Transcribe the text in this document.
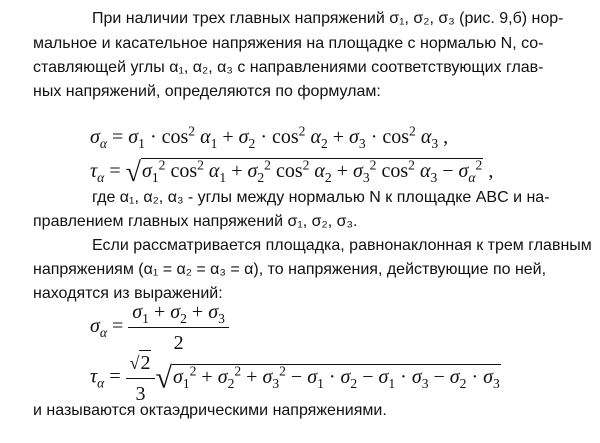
При наличии трех главных напряжений σ₁, σ₂, σ₃ (рис. 9,б) нор-
мальное и касательное напряжения на площадке с нормалью N, со-
ставляющей углы α₁, α₂, α₃ с направлениями соответствующих глав-
ных напряжений, определяются по формулам:
$\sigma_\alpha = \sigma_1 \cdot \cos^2 \alpha_1 + \sigma_2 \cdot \cos^2 \alpha_2 + \sigma_3 \cdot \cos^2 \alpha_3$ ,
$\tau_\alpha = √\sigma_1^2$ $\cos^2 \alpha_1 + \sigma_2^2$ $\cos^2 \alpha_2 + \sigma_3^2$ $\cos^2 \alpha_3 - \sigma_\alpha^2$ ,
где α₁, α₂, α₃ - углы между нормалью N к площадке ABC и на-
правлением главных напряжений σ₁, σ₂, σ₃.
Если рассматривается площадка, равнонаклонная к трем главным
напряжениям (α₁ = α₂ = α₃ = α), то напряжения, действующие по ней,
находятся из выражений:
$\sigma_\alpha = \frac{\sigma_1 + \sigma_2 + \sigma_3}{2}$
$\tau_\alpha = \frac{√2}{3} √\sigma_1^2 + \sigma_2^2 + \sigma_3^2 - \sigma_1 \cdot \sigma_2 - \sigma_1 \cdot \sigma_3 - \sigma_2 \cdot \sigma_3$
и называются октаэдрическими напряжениями.
